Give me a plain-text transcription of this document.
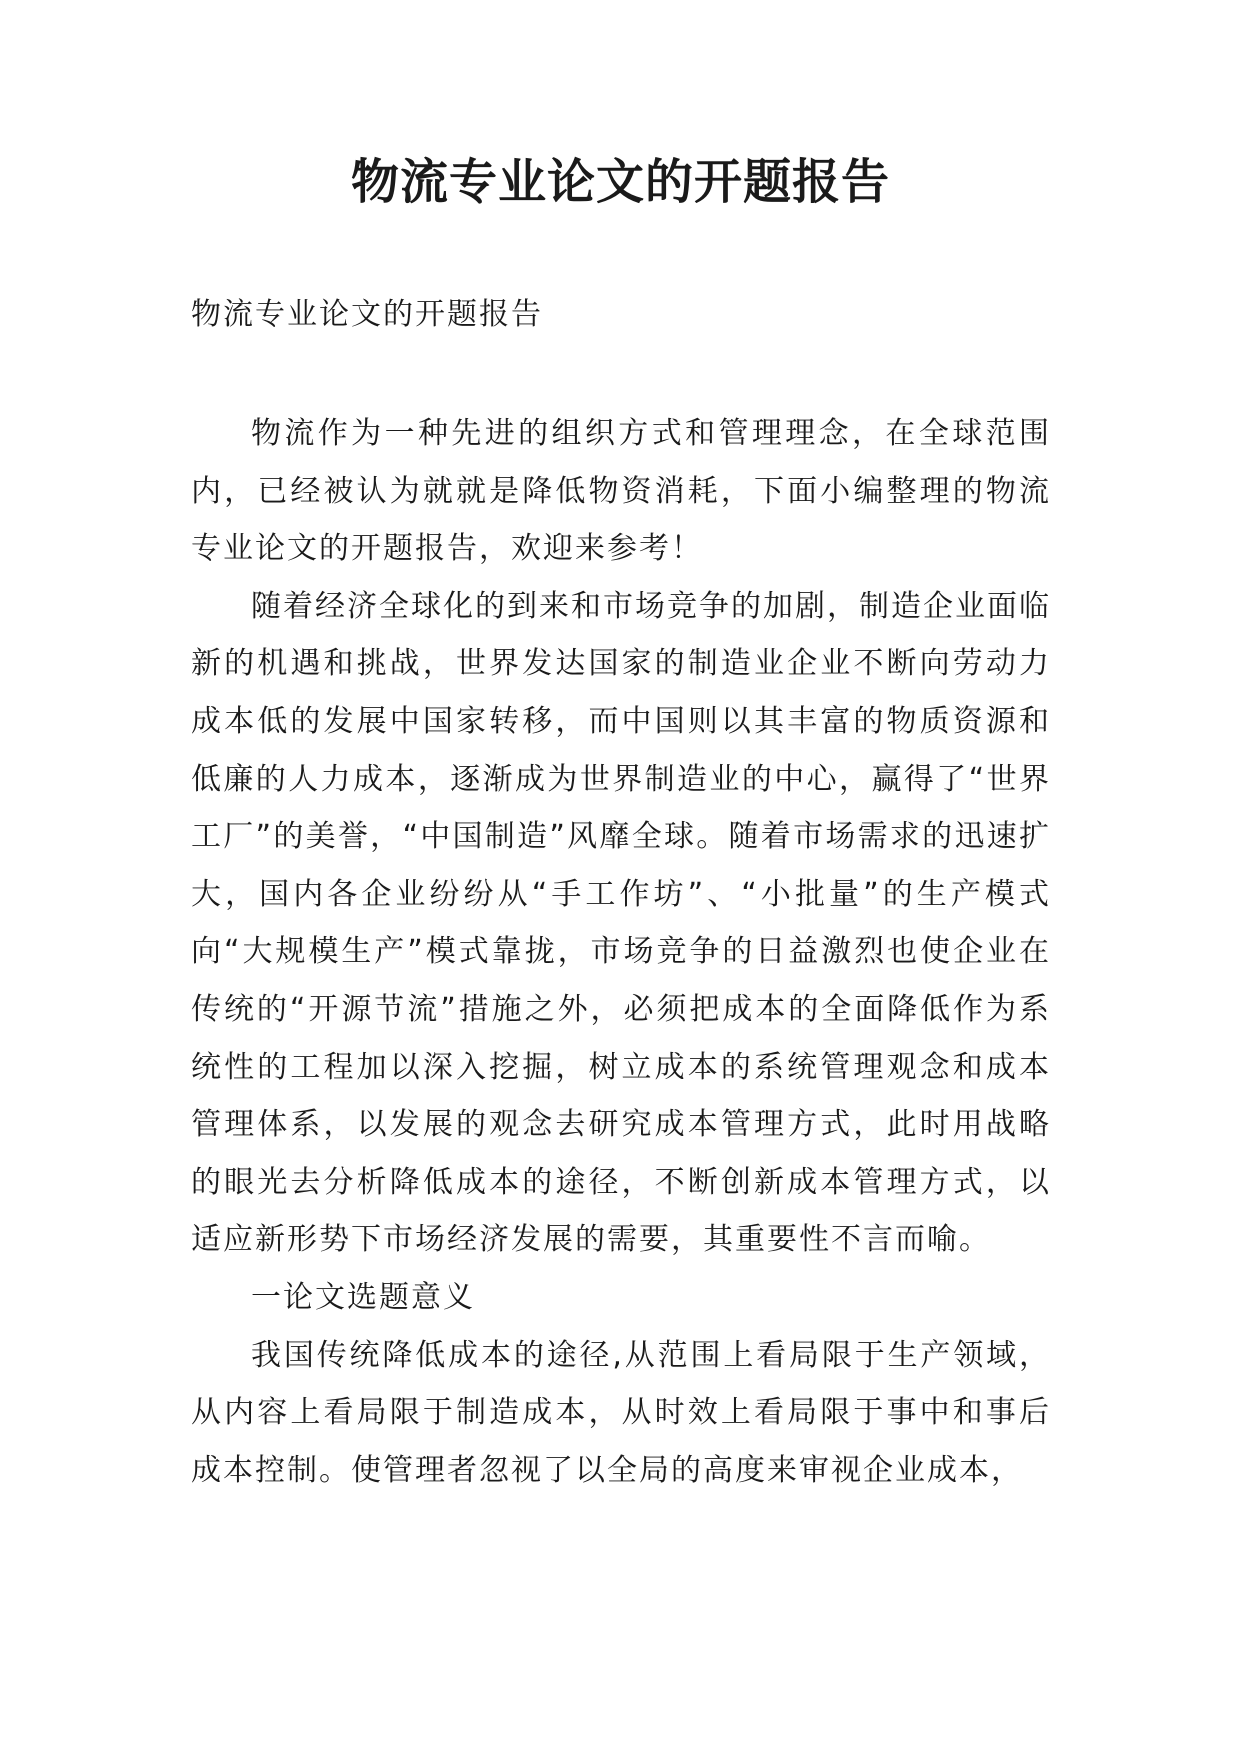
物流专业论文的开题报告
物流专业论文的开题报告

物流作为一种先进的组织方式和管理理念，在全球范围内，已经被认为就就是降低物资消耗，下面小编整理的物流专业论文的开题报告，欢迎来参考！

随着经济全球化的到来和市场竞争的加剧，制造企业面临新的机遇和挑战，世界发达国家的制造业企业不断向劳动力成本低的发展中国家转移，而中国则以其丰富的物质资源和低廉的人力成本，逐渐成为世界制造业的中心，赢得了“世界工厂”的美誉，“中国制造”风靡全球。随着市场需求的迅速扩大，国内各企业纷纷从“手工作坊”、“小批量”的生产模式向“大规模生产”模式靠拢，市场竞争的日益激烈也使企业在传统的“开源节流”措施之外，必须把成本的全面降低作为系统性的工程加以深入挖掘，树立成本的系统管理观念和成本管理体系，以发展的观念去研究成本管理方式，此时用战略的眼光去分析降低成本的途径，不断创新成本管理方式，以适应新形势下市场经济发展的需要，其重要性不言而喻。

一论文选题意义

我国传统降低成本的途径,从范围上看局限于生产领域，从内容上看局限于制造成本，从时效上看局限于事中和事后成本控制。使管理者忽视了以全局的高度来审视企业成本，
